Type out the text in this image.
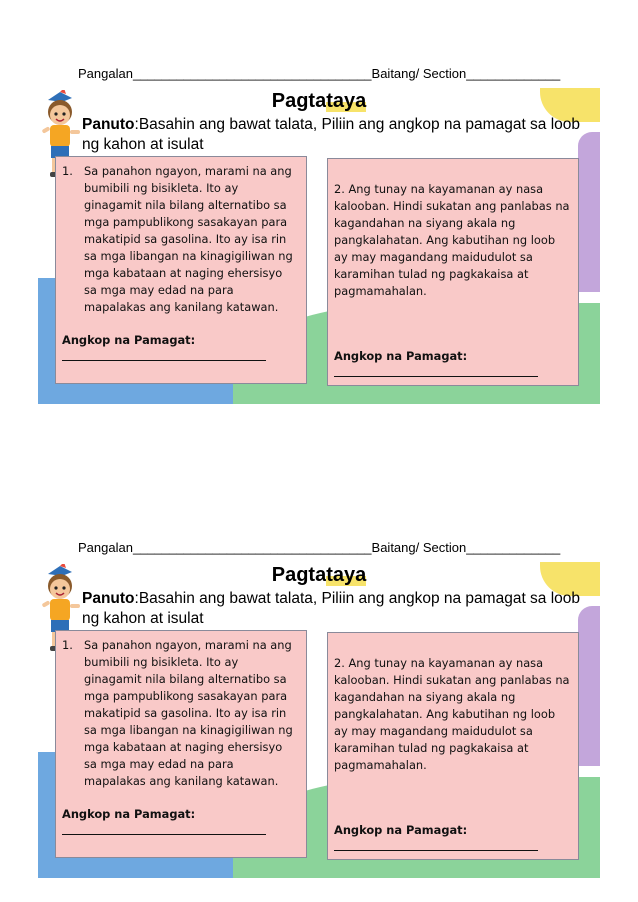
Pangalan_________________________________Baitang/ Section_____________
Pagtataya
Panuto:Basahin ang bawat talata, Piliin ang angkop na pamagat sa loob ng kahon at isulat
1. Sa panahon ngayon, marami na ang bumibili ng bisikleta. Ito ay ginagamit nila bilang alternatibo sa mga pampublikong sasakayan para makatipid sa gasolina. Ito ay isa rin sa mga libangan na kinagigiliwan ng mga kabataan at naging ehersisyo sa mga may edad na para mapalakas ang kanilang katawan.
Angkop na Pamagat:
2. Ang tunay na kayamanan ay nasa kalooban. Hindi sukatan ang panlabas na kagandahan na siyang akala ng pangkalahatan. Ang kabutihan ng loob ay may magandang maidudulot sa karamihan tulad ng pagkakaisa at pagmamahalan.
Angkop na Pamagat:
Pangalan_________________________________Baitang/ Section_____________
Pagtataya
Panuto:Basahin ang bawat talata, Piliin ang angkop na pamagat sa loob ng kahon at isulat
1. Sa panahon ngayon, marami na ang bumibili ng bisikleta. Ito ay ginagamit nila bilang alternatibo sa mga pampublikong sasakayan para makatipid sa gasolina. Ito ay isa rin sa mga libangan na kinagigiliwan ng mga kabataan at naging ehersisyo sa mga may edad na para mapalakas ang kanilang katawan.
Angkop na Pamagat:
2. Ang tunay na kayamanan ay nasa kalooban. Hindi sukatan ang panlabas na kagandahan na siyang akala ng pangkalahatan. Ang kabutihan ng loob ay may magandang maidudulot sa karamihan tulad ng pagkakaisa at pagmamahalan.
Angkop na Pamagat:
